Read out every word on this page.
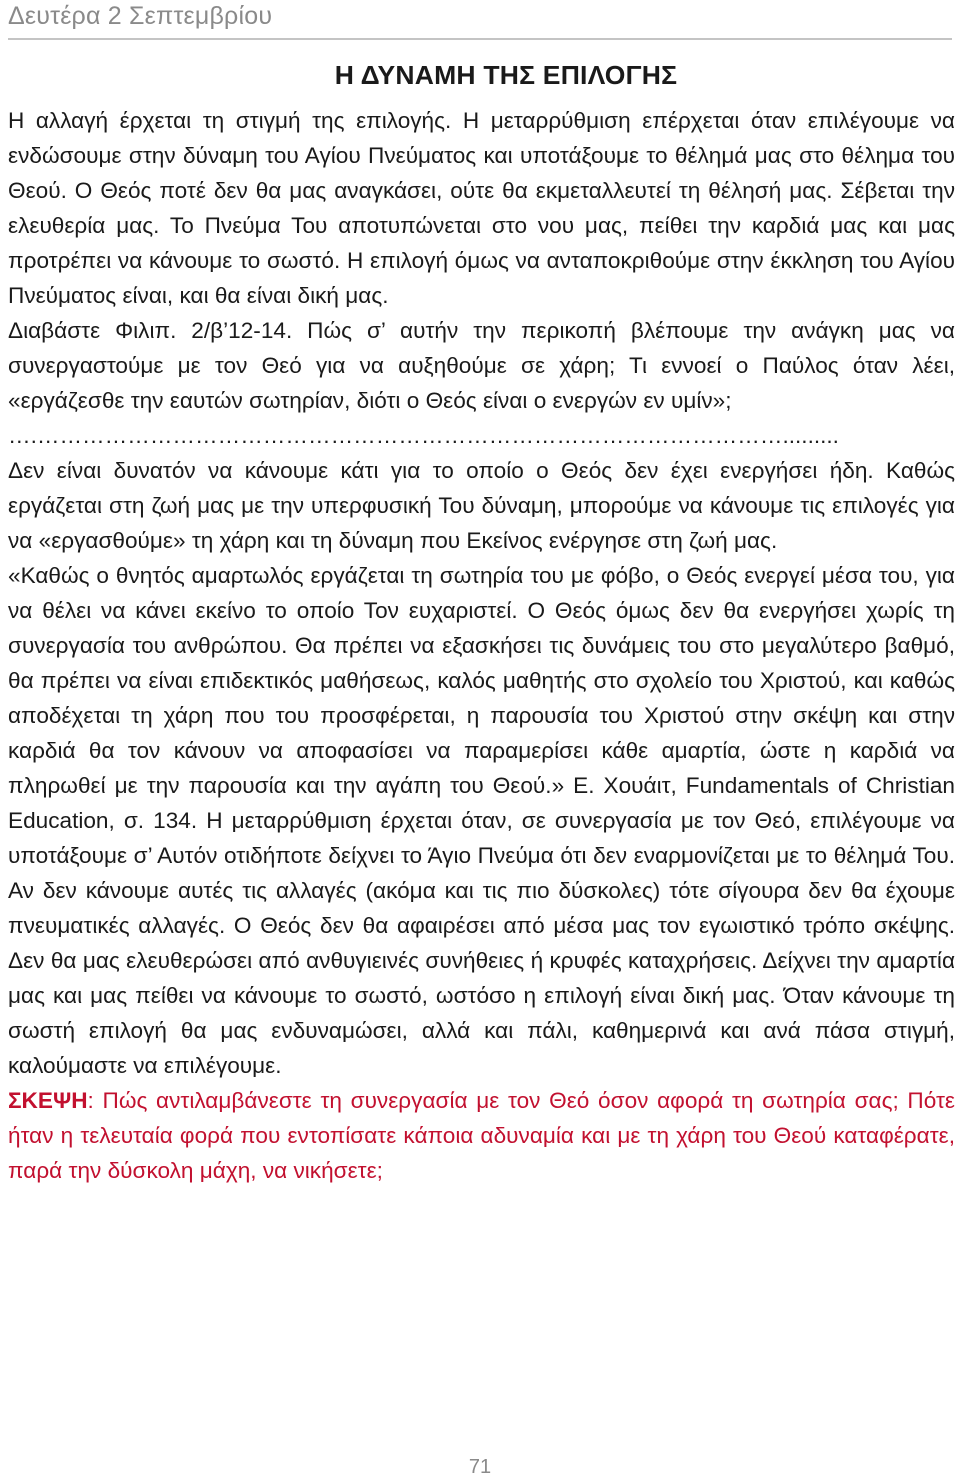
Δευτέρα 2 Σεπτεμβρίου
Η ΔΥΝΑΜΗ ΤΗΣ ΕΠΙΛΟΓΗΣ

Η αλλαγή έρχεται τη στιγμή της επιλογής. Η μεταρρύθμιση επέρχεται όταν επιλέγουμε να ενδώσουμε στην δύναμη του Αγίου Πνεύματος και υποτάξουμε το θέλημά μας στο θέλημα του Θεού. Ο Θεός ποτέ δεν θα μας αναγκάσει, ούτε θα εκμεταλλευτεί τη θέλησή μας. Σέβεται την ελευθερία μας. Το Πνεύμα Του αποτυπώνεται στο νου μας, πείθει την καρδιά μας και μας προτρέπει να κάνουμε το σωστό. Η επιλογή όμως να ανταποκριθούμε στην έκκληση του Αγίου Πνεύματος είναι, και θα είναι δική μας.

Διαβάστε Φιλιπ. 2/β’12-14. Πώς σ’ αυτήν την περικοπή βλέπουμε την ανάγκη μας να συνεργαστούμε με τον Θεό για να αυξηθούμε σε χάρη; Τι εννοεί ο Παύλος όταν λέει, «εργάζεσθε την εαυτών σωτηρίαν, διότι ο Θεός είναι ο ενεργών εν υμίν»;

….……………………………………………………………………………………….........

Δεν είναι δυνατόν να κάνουμε κάτι για το οποίο ο Θεός δεν έχει ενεργήσει ήδη. Καθώς εργάζεται στη ζωή μας με την υπερφυσική Του δύναμη, μπορούμε να κάνουμε τις επιλογές για να «εργασθούμε» τη χάρη και τη δύναμη που Εκείνος ενέργησε στη ζωή μας.

«Καθώς ο θνητός αμαρτωλός εργάζεται τη σωτηρία του με φόβο, ο Θεός ενεργεί μέσα του, για να θέλει να κάνει εκείνο το οποίο Τον ευχαριστεί. Ο Θεός όμως δεν θα ενεργήσει χωρίς τη συνεργασία του ανθρώπου. Θα πρέπει να εξασκήσει τις δυνάμεις του στο μεγαλύτερο βαθμό, θα πρέπει να είναι επιδεκτικός μαθήσεως, καλός μαθητής στο σχολείο του Χριστού, και καθώς αποδέχεται τη χάρη που του προσφέρεται, η παρουσία του Χριστού στην σκέψη και στην καρδιά θα τον κάνουν να αποφασίσει να παραμερίσει κάθε αμαρτία, ώστε η καρδιά να πληρωθεί με την παρουσία και την αγάπη του Θεού.» Ε. Χουάιτ, Fundamentals of Christian Education, σ. 134. Η μεταρρύθμιση έρχεται όταν, σε συνεργασία με τον Θεό, επιλέγουμε να υποτάξουμε σ’ Αυτόν οτιδήποτε δείχνει το Άγιο Πνεύμα ότι δεν εναρμονίζεται με το θέλημά Του. Αν δεν κάνουμε αυτές τις αλλαγές (ακόμα και τις πιο δύσκολες) τότε σίγουρα δεν θα έχουμε πνευματικές αλλαγές. Ο Θεός δεν θα αφαιρέσει από μέσα μας τον εγωιστικό τρόπο σκέψης. Δεν θα μας ελευθερώσει από ανθυγιεινές συνήθειες ή κρυφές καταχρήσεις. Δείχνει την αμαρτία μας και μας πείθει να κάνουμε το σωστό, ωστόσο η επιλογή είναι δική μας. Όταν κάνουμε τη σωστή επιλογή θα μας ενδυναμώσει, αλλά και πάλι, καθημερινά και ανά πάσα στιγμή, καλούμαστε να επιλέγουμε.

ΣΚΕΨΗ: Πώς αντιλαμβάνεστε τη συνεργασία με τον Θεό όσον αφορά τη σωτηρία σας; Πότε ήταν η τελευταία φορά που εντοπίσατε κάποια αδυναμία και με τη χάρη του Θεού καταφέρατε, παρά την δύσκολη μάχη, να νικήσετε;

71
